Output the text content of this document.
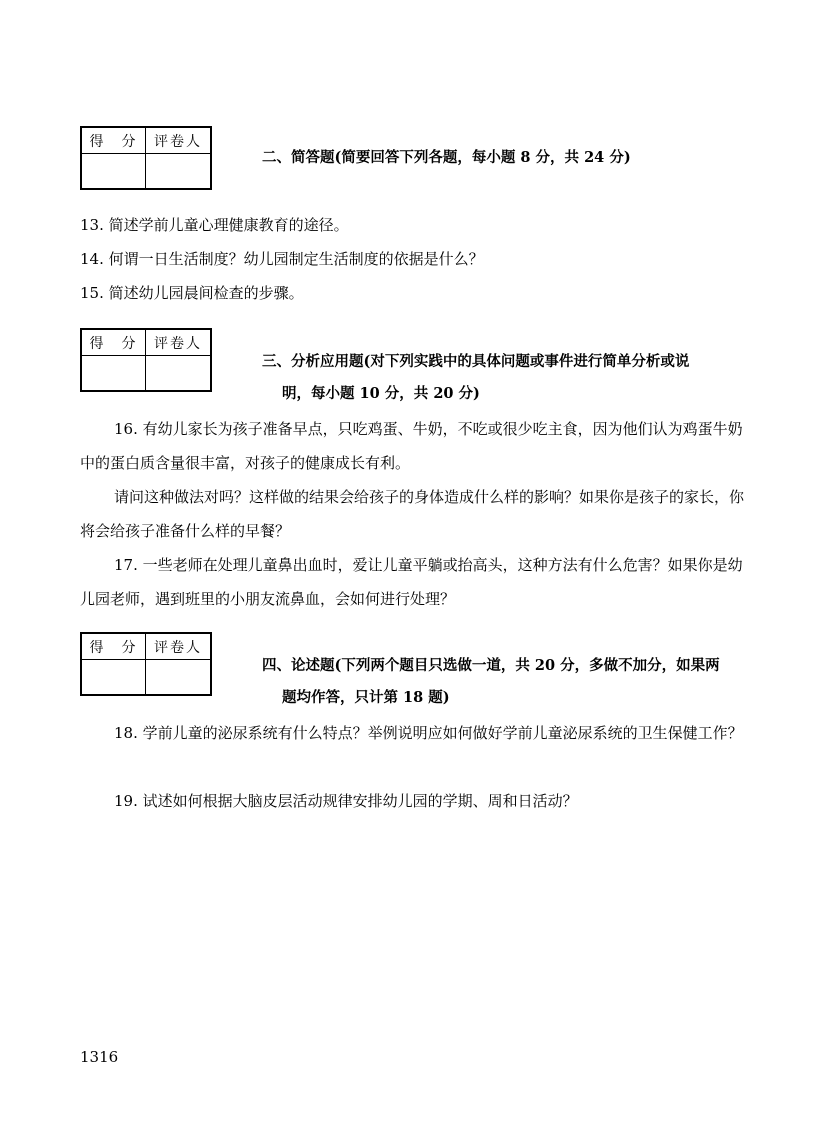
得　分	评卷人
二、简答题(简要回答下列各题，每小题 8 分，共 24 分)
13. 简述学前儿童心理健康教育的途径。
14. 何谓一日生活制度？幼儿园制定生活制度的依据是什么？
15. 简述幼儿园晨间检查的步骤。
得　分	评卷人
三、分析应用题(对下列实践中的具体问题或事件进行简单分析或说
明，每小题 10 分，共 20 分)
16. 有幼儿家长为孩子准备早点，只吃鸡蛋、牛奶，不吃或很少吃主食，因为他们认为鸡蛋牛奶中的蛋白质含量很丰富，对孩子的健康成长有利。
请问这种做法对吗？这样做的结果会给孩子的身体造成什么样的影响？如果你是孩子的家长，你将会给孩子准备什么样的早餐？
17. 一些老师在处理儿童鼻出血时，爱让儿童平躺或抬高头，这种方法有什么危害？如果你是幼儿园老师，遇到班里的小朋友流鼻血，会如何进行处理？
得　分	评卷人
四、论述题(下列两个题目只选做一道，共 20 分，多做不加分，如果两
题均作答，只计第 18 题)
18. 学前儿童的泌尿系统有什么特点？举例说明应如何做好学前儿童泌尿系统的卫生保健工作？
19. 试述如何根据大脑皮层活动规律安排幼儿园的学期、周和日活动？
1316
